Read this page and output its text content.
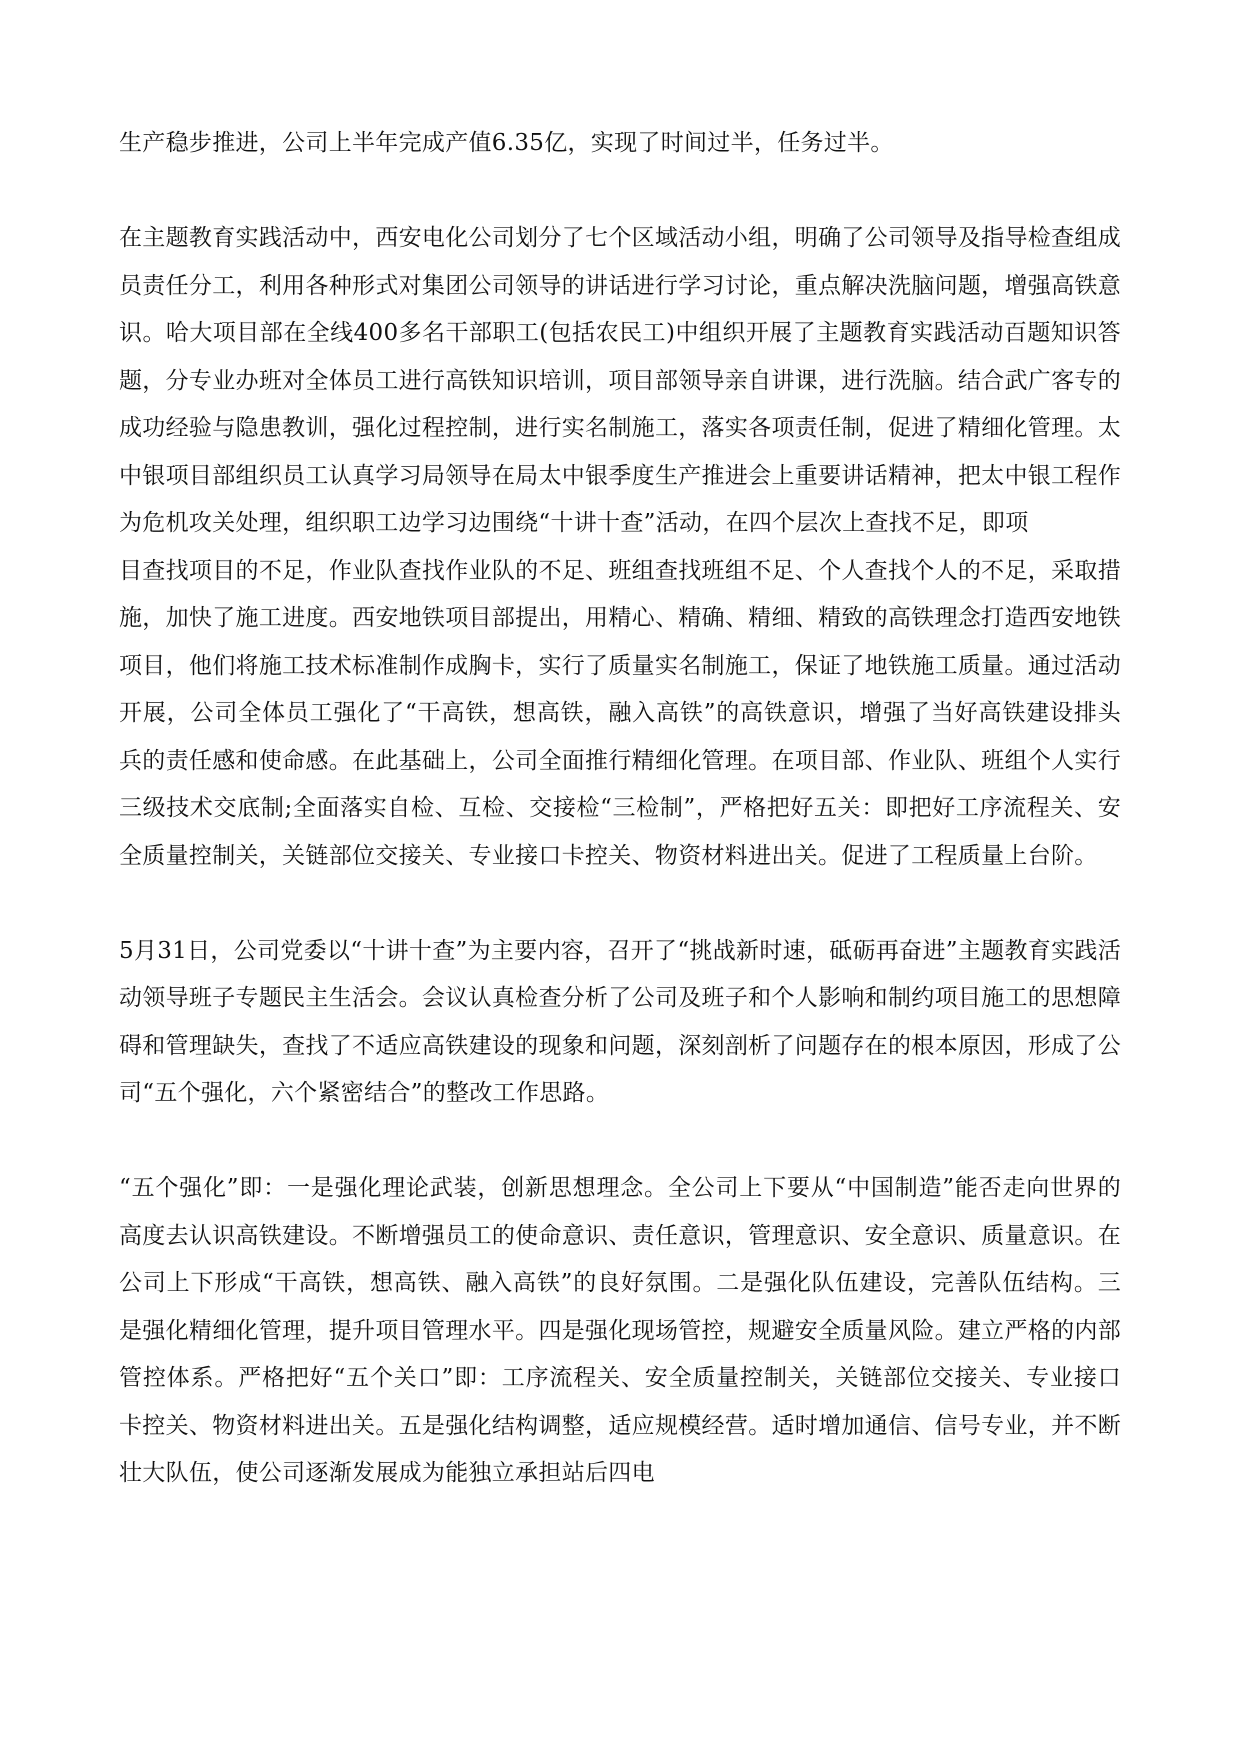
生产稳步推进，公司上半年完成产值6.35亿，实现了时间过半，任务过半。

在主题教育实践活动中，西安电化公司划分了七个区域活动小组，明确了公司领导及指导检查组成员责任分工，利用各种形式对集团公司领导的讲话进行学习讨论，重点解决洗脑问题，增强高铁意识。哈大项目部在全线400多名干部职工(包括农民工)中组织开展了主题教育实践活动百题知识答题，分专业办班对全体员工进行高铁知识培训，项目部领导亲自讲课，进行洗脑。结合武广客专的成功经验与隐患教训，强化过程控制，进行实名制施工，落实各项责任制，促进了精细化管理。太中银项目部组织员工认真学习局领导在局太中银季度生产推进会上重要讲话精神，把太中银工程作为危机攻关处理，组织职工边学习边围绕“十讲十查”活动，在四个层次上查找不足，即项

目查找项目的不足，作业队查找作业队的不足、班组查找班组不足、个人查找个人的不足，采取措施，加快了施工进度。西安地铁项目部提出，用精心、精确、精细、精致的高铁理念打造西安地铁项目，他们将施工技术标准制作成胸卡，实行了质量实名制施工，保证了地铁施工质量。通过活动开展，公司全体员工强化了“干高铁，想高铁，融入高铁”的高铁意识，增强了当好高铁建设排头兵的责任感和使命感。在此基础上，公司全面推行精细化管理。在项目部、作业队、班组个人实行三级技术交底制;全面落实自检、互检、交接检“三检制”，严格把好五关：即把好工序流程关、安全质量控制关，关链部位交接关、专业接口卡控关、物资材料进出关。促进了工程质量上台阶。

5月31日，公司党委以“十讲十查”为主要内容，召开了“挑战新时速，砥砺再奋进”主题教育实践活动领导班子专题民主生活会。会议认真检查分析了公司及班子和个人影响和制约项目施工的思想障碍和管理缺失，查找了不适应高铁建设的现象和问题，深刻剖析了问题存在的根本原因，形成了公司“五个强化，六个紧密结合”的整改工作思路。

“五个强化”即：一是强化理论武装，创新思想理念。全公司上下要从“中国制造”能否走向世界的高度去认识高铁建设。不断增强员工的使命意识、责任意识，管理意识、安全意识、质量意识。在公司上下形成“干高铁，想高铁、融入高铁”的良好氛围。二是强化队伍建设，完善队伍结构。三是强化精细化管理，提升项目管理水平。四是强化现场管控，规避安全质量风险。建立严格的内部管控体系。严格把好“五个关口”即：工序流程关、安全质量控制关，关链部位交接关、专业接口卡控关、物资材料进出关。五是强化结构调整，适应规模经营。适时增加通信、信号专业，并不断壮大队伍，使公司逐渐发展成为能独立承担站后四电
